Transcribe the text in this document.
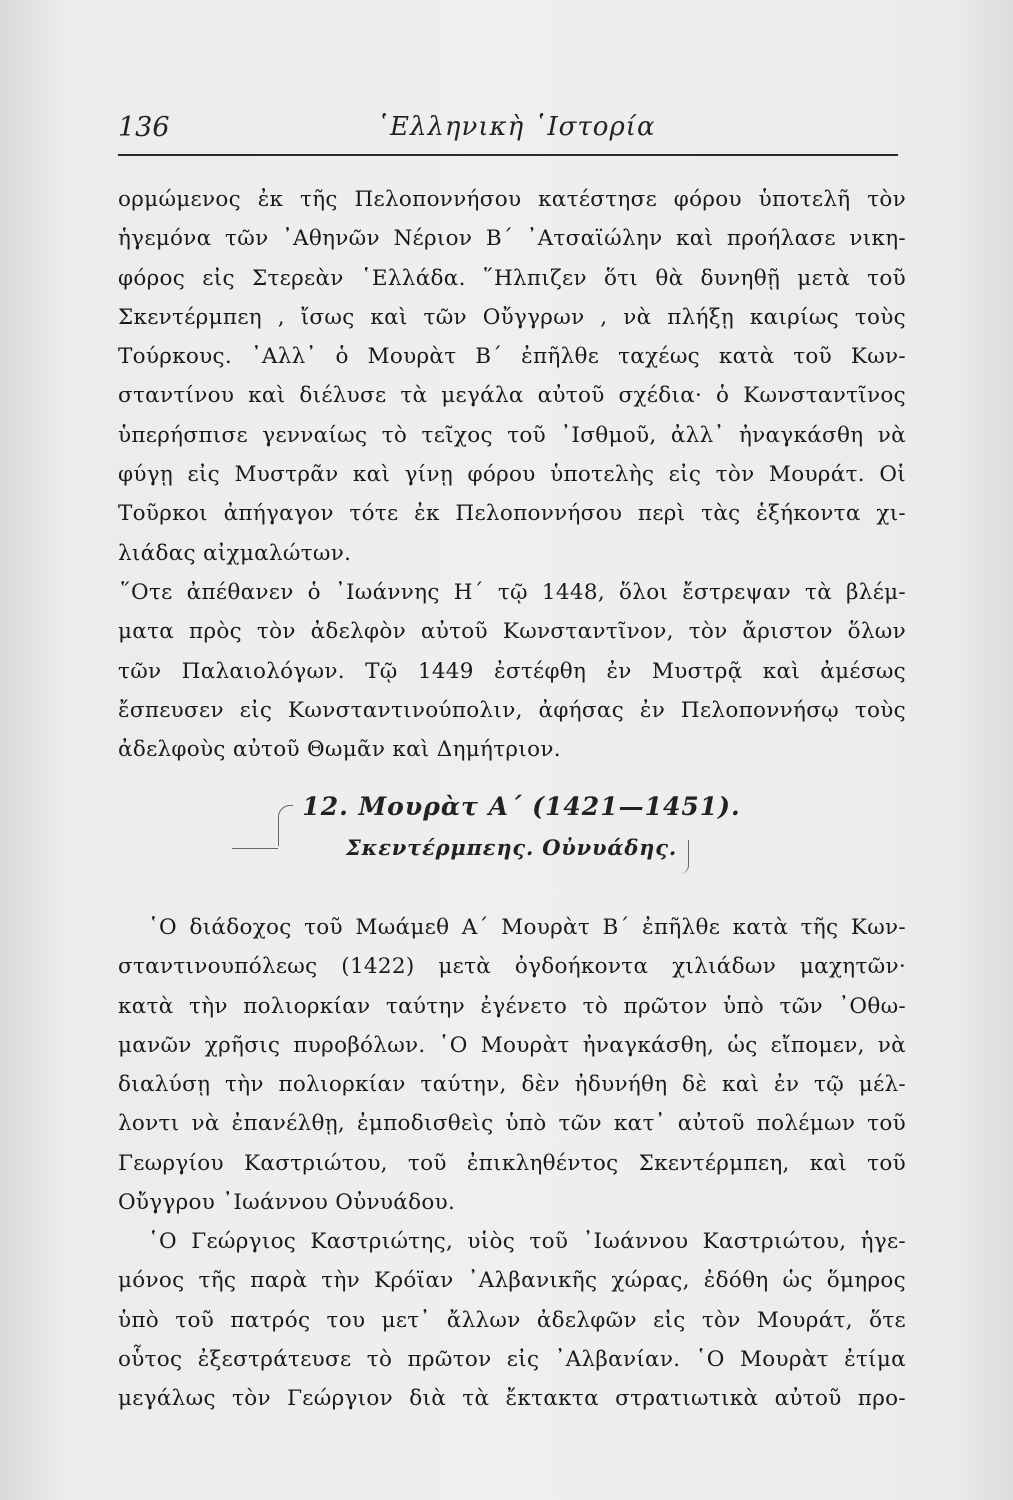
136	῾Ελληνικὴ ῾Ιστορία
ορμώμενος ἐκ τῆς Πελοποννήσου κατέστησε φόρου ὑποτελῆ τὸν
ἡγεμόνα τῶν ᾿Αθηνῶν Νέριον Β΄ ᾿Ατσαϊώλην καὶ προήλασε νικη-
φόρος εἰς Στερεὰν ῾Ελλάδα. ῞Ηλπιζεν ὅτι θὰ δυνηθῇ μετὰ τοῦ
Σκεντέρμπεη , ἴσως καὶ τῶν Οὔγγρων , νὰ πλήξῃ καιρίως τοὺς
Τούρκους. ᾿Αλλ᾿ ὁ Μουρὰτ Β΄ ἐπῆλθε ταχέως κατὰ τοῦ Κων-
σταντίνου καὶ διέλυσε τὰ μεγάλα αὐτοῦ σχέδια· ὁ Κωνσταντῖνος
ὑπερήσπισε γενναίως τὸ τεῖχος τοῦ ᾿Ισθμοῦ, ἀλλ᾿ ἠναγκάσθη νὰ
φύγῃ εἰς Μυστρᾶν καὶ γίνῃ φόρου ὑποτελὴς εἰς τὸν Μουράτ. Οἱ
Τοῦρκοι ἀπήγαγον τότε ἐκ Πελοποννήσου περὶ τὰς ἑξήκοντα χι-
λιάδας αἰχμαλώτων.
῞Οτε ἀπέθανεν ὁ ᾿Ιωάννης Η΄ τῷ 1448, ὅλοι ἔστρεψαν τὰ βλέμ-
ματα πρὸς τὸν ἀδελφὸν αὐτοῦ Κωνσταντῖνον, τὸν ἄριστον ὅλων
τῶν Παλαιολόγων. Τῷ 1449 ἐστέφθη ἐν Μυστρᾷ καὶ ἀμέσως
ἔσπευσεν εἰς Κωνσταντινούπολιν, ἀφήσας ἐν Πελοποννήσῳ τοὺς
ἀδελφοὺς αὐτοῦ Θωμᾶν καὶ Δημήτριον.
12. Μουρὰτ Α΄ (1421—1451).
Σκεντέρμπεης. Οὐνυάδης.
῾Ο διάδοχος τοῦ Μωάμεθ Α΄ Μουρὰτ Β΄ ἐπῆλθε κατὰ τῆς Κων-
σταντινουπόλεως (1422) μετὰ ὀγδοήκοντα χιλιάδων μαχητῶν·
κατὰ τὴν πολιορκίαν ταύτην ἐγένετο τὸ πρῶτον ὑπὸ τῶν ᾿Οθω-
μανῶν χρῆσις πυροβόλων. ῾Ο Μουρὰτ ἠναγκάσθη, ὡς εἴπομεν, νὰ
διαλύσῃ τὴν πολιορκίαν ταύτην, δὲν ἠδυνήθη δὲ καὶ ἐν τῷ μέλ-
λοντι νὰ ἐπανέλθῃ, ἐμποδισθεὶς ὑπὸ τῶν κατ᾿ αὐτοῦ πολέμων τοῦ
Γεωργίου Καστριώτου, τοῦ ἐπικληθέντος Σκεντέρμπεη, καὶ τοῦ
Οὔγγρου ᾿Ιωάννου Οὐνυάδου.
῾Ο Γεώργιος Καστριώτης, υἱὸς τοῦ ᾿Ιωάννου Καστριώτου, ἡγε-
μόνος τῆς παρὰ τὴν Κρόϊαν ᾿Αλβανικῆς χώρας, ἐδόθη ὡς ὅμηρος
ὑπὸ τοῦ πατρός του μετ᾿ ἄλλων ἀδελφῶν εἰς τὸν Μουράτ, ὅτε
οὗτος ἐξεστράτευσε τὸ πρῶτον εἰς ᾿Αλβανίαν. ῾Ο Μουρὰτ ἐτίμα
μεγάλως τὸν Γεώργιον διὰ τὰ ἔκτακτα στρατιωτικὰ αὐτοῦ προ-
